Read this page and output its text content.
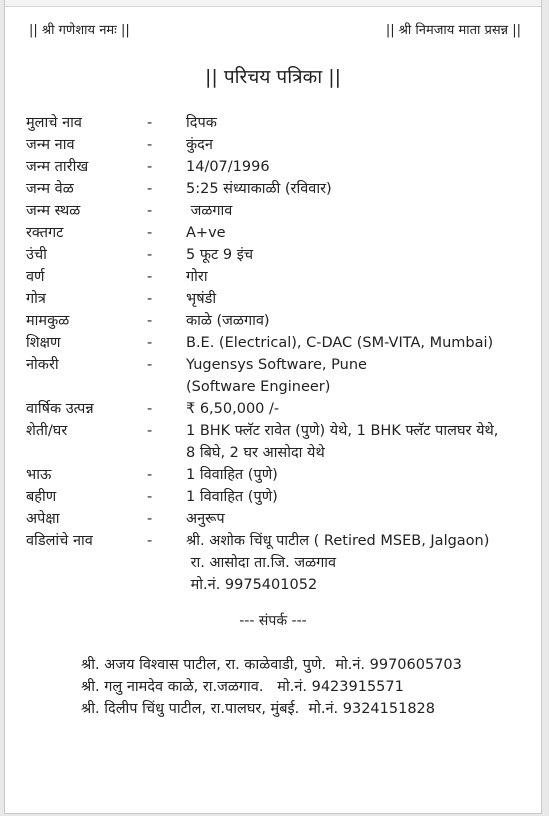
|| श्री गणेशाय नमः ||	|| श्री निमजाय माता प्रसन्न ||
|| परिचय पत्रिका ||
मुलाचे नाव	- दिपक
जन्म नाव	- कुंदन
जन्म तारीख	- 14/07/1996
जन्म वेळ	- 5:25 संध्याकाळी (रविवार)
जन्म स्थळ	- जळगाव
रक्तगट	- A+ve
उंची	- 5 फूट 9 इंच
वर्ण	- गोरा
गोत्र	- भृषंडी
मामकुळ	- काळे (जळगाव)
शिक्षण	- B.E. (Electrical), C-DAC (SM-VITA, Mumbai)
नोकरी	- Yugensys Software, Pune
(Software Engineer)
वार्षिक उत्पन्न	- ₹ 6,50,000 /-
शेती/घर	- 1 BHK फ्लॅट रावेत (पुणे) येथे, 1 BHK फ्लॅट पालघर येथे,
8 बिघे, 2 घर आसोदा येथे
भाऊ	- 1 विवाहित (पुणे)
बहीण	- 1 विवाहित (पुणे)
अपेक्षा	- अनुरूप
वडिलांचे नाव	- श्री. अशोक चिंधू पाटील ( Retired MSEB, Jalgaon)
रा. आसोदा ता.जि. जळगाव
मो.नं. 9975401052
--- संपर्क ---
श्री. अजय विश्वास पाटील, रा. काळेवाडी, पुणे.  मो.नं. 9970605703
श्री. गलु नामदेव काळे, रा.जळगाव.   मो.नं. 9423915571
श्री. दिलीप चिंधु पाटील, रा.पालघर, मुंबई.  मो.नं. 9324151828
